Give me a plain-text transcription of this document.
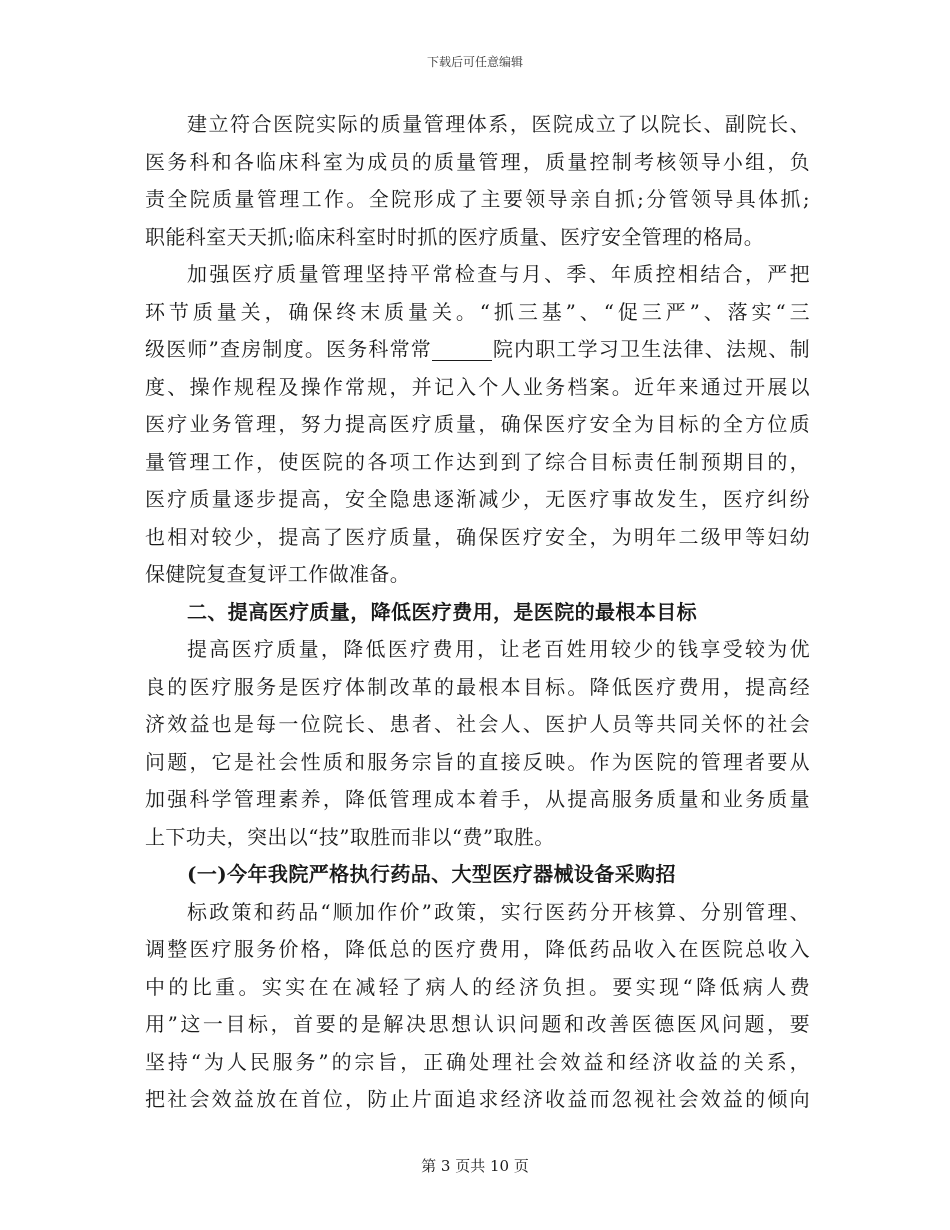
下载后可任意编辑
建立符合医院实际的质量管理体系，医院成立了以院长、副院长、
医务科和各临床科室为成员的质量管理，质量控制考核领导小组，负
责全院质量管理工作。全院形成了主要领导亲自抓;分管领导具体抓;
职能科室天天抓;临床科室时时抓的医疗质量、医疗安全管理的格局。
加强医疗质量管理坚持平常检查与月、季、年质控相结合，严把
环节质量关，确保终末质量关。“抓三基”、“促三严”、落实“三
级医师”查房制度。医务科常常	院内职工学习卫生法律、法规、制
度、操作规程及操作常规，并记入个人业务档案。近年来通过开展以
医疗业务管理，努力提高医疗质量，确保医疗安全为目标的全方位质
量管理工作，使医院的各项工作达到到了综合目标责任制预期目的，
医疗质量逐步提高，安全隐患逐渐减少，无医疗事故发生，医疗纠纷
也相对较少，提高了医疗质量，确保医疗安全，为明年二级甲等妇幼
保健院复查复评工作做准备。
二、提高医疗质量，降低医疗费用，是医院的最根本目标
提高医疗质量，降低医疗费用，让老百姓用较少的钱享受较为优
良的医疗服务是医疗体制改革的最根本目标。降低医疗费用，提高经
济效益也是每一位院长、患者、社会人、医护人员等共同关怀的社会
问题，它是社会性质和服务宗旨的直接反映。作为医院的管理者要从
加强科学管理素养，降低管理成本着手，从提高服务质量和业务质量
上下功夫，突出以“技”取胜而非以“费”取胜。
(一)今年我院严格执行药品、大型医疗器械设备采购招
标政策和药品“顺加作价”政策，实行医药分开核算、分别管理、
调整医疗服务价格，降低总的医疗费用，降低药品收入在医院总收入
中的比重。实实在在减轻了病人的经济负担。要实现“降低病人费
用”这一目标，首要的是解决思想认识问题和改善医德医风问题，要
坚持“为人民服务”的宗旨，正确处理社会效益和经济收益的关系，
把社会效益放在首位，防止片面追求经济收益而忽视社会效益的倾向
第 3 页共 10 页
